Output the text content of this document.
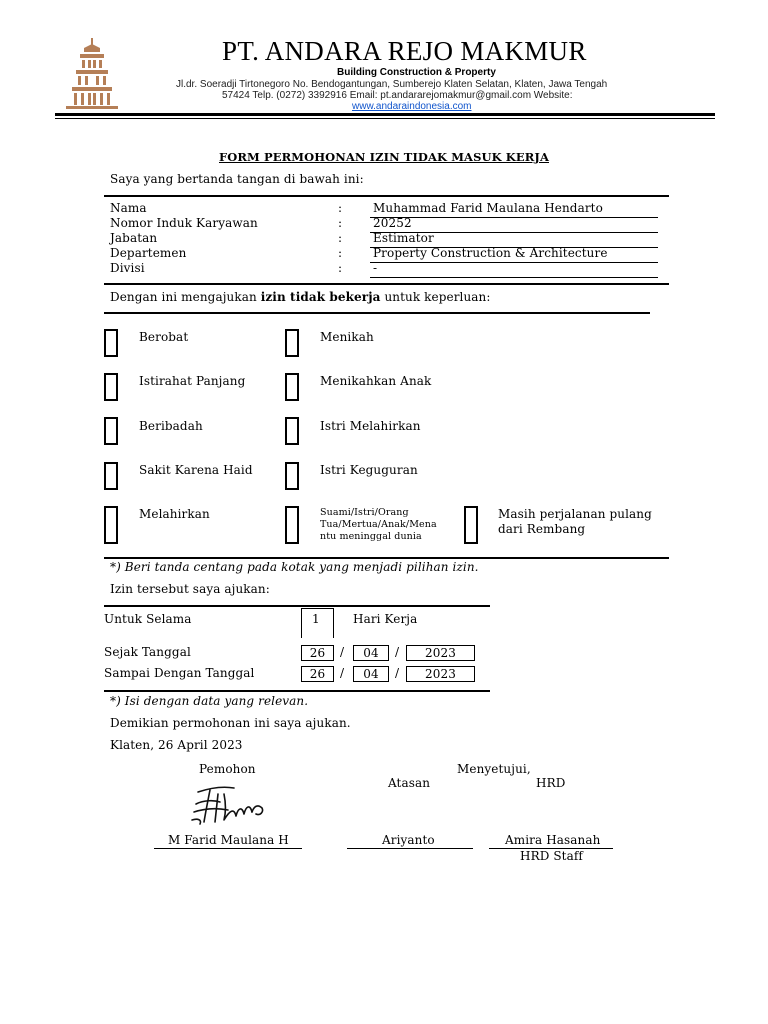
PT. ANDARA REJO MAKMUR
Building Construction & Property
Jl.dr. Soeradji Tirtonegoro No. Bendogantungan, Sumberejo Klaten Selatan, Klaten, Jawa Tengah
57424 Telp. (0272) 3392916 Email: pt.andararejomakmur@gmail.com Website:
www.andaraindonesia.com
FORM PERMOHONAN IZIN TIDAK MASUK KERJA
Saya yang bertanda tangan di bawah ini:
Nama	:	Muhammad Farid Maulana Hendarto
Nomor Induk Karyawan	:	20252
Jabatan	:	Estimator
Departemen	:	Property Construction & Architecture
Divisi	:	-
Dengan ini mengajukan izin tidak bekerja untuk keperluan:
Berobat
Istirahat Panjang
Beribadah
Sakit Karena Haid
Melahirkan
Menikah
Menikahkan Anak
Istri Melahirkan
Istri Keguguran
Suami/Istri/Orang
Tua/Mertua/Anak/Mena
ntu meninggal dunia
Masih perjalanan pulang
dari Rembang
*) Beri tanda centang pada kotak yang menjadi pilihan izin.
Izin tersebut saya ajukan:
Untuk Selama	1	Hari Kerja
Sejak Tanggal	26	/	04	/	2023
Sampai Dengan Tanggal	26	/	04	/	2023
*) Isi dengan data yang relevan.
Demikian permohonan ini saya ajukan.
Klaten, 26 April 2023
Pemohon	Menyetujui,
Atasan	HRD
M Farid Maulana H	Ariyanto	Amira Hasanah
HRD Staff
